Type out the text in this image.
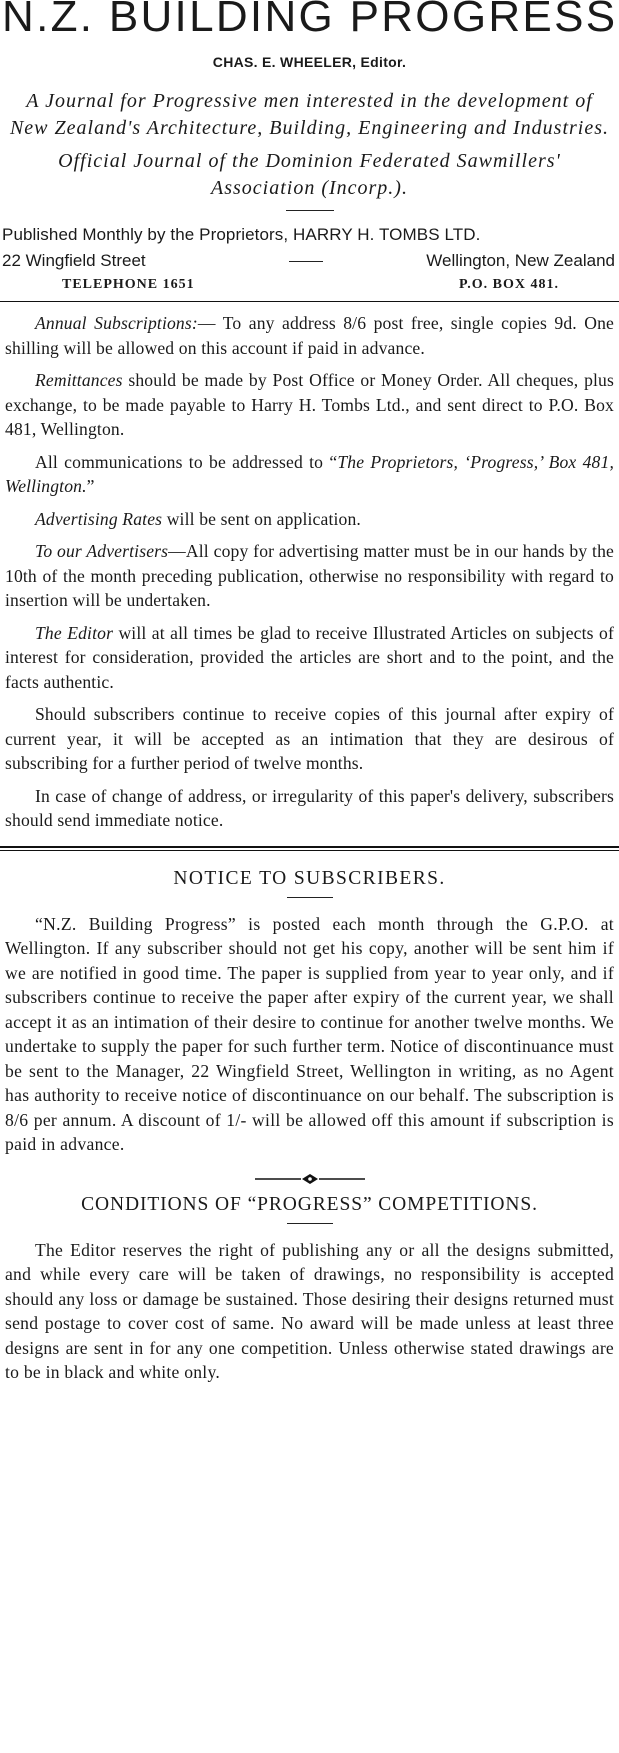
N.Z. BUILDING PROGRESS
CHAS. E. WHEELER, Editor.
A Journal for Progressive men interested in the development of New Zealand's Architecture, Building, Engineering and Industries.
Official Journal of the Dominion Federated Sawmillers' Association (Incorp.).
Published Monthly by the Proprietors, HARRY H. TOMBS LTD.
22 Wingfield Street	Wellington, New Zealand
TELEPHONE 1651	P.O. BOX 481.

Annual Subscriptions:— To any address 8/6 post free, single copies 9d. One shilling will be allowed on this account if paid in advance.

Remittances should be made by Post Office or Money Order. All cheques, plus exchange, to be made payable to Harry H. Tombs Ltd., and sent direct to P.O. Box 481, Wellington.

All communications to be addressed to “The Proprietors, ‘Progress,’ Box 481, Wellington.”

Advertising Rates will be sent on application.

To our Advertisers—All copy for advertising matter must be in our hands by the 10th of the month preceding publication, otherwise no responsibility with regard to insertion will be undertaken.

The Editor will at all times be glad to receive Illustrated Articles on subjects of interest for consideration, provided the articles are short and to the point, and the facts authentic.

Should subscribers continue to receive copies of this journal after expiry of current year, it will be accepted as an intimation that they are desirous of subscribing for a further period of twelve months.

In case of change of address, or irregularity of this paper's delivery, subscribers should send immediate notice.

NOTICE TO SUBSCRIBERS.

“N.Z. Building Progress” is posted each month through the G.P.O. at Wellington. If any subscriber should not get his copy, another will be sent him if we are notified in good time. The paper is supplied from year to year only, and if subscribers continue to receive the paper after expiry of the current year, we shall accept it as an intimation of their desire to continue for another twelve months. We undertake to supply the paper for such further term. Notice of discontinuance must be sent to the Manager, 22 Wingfield Street, Wellington in writing, as no Agent has authority to receive notice of discontinuance on our behalf. The subscription is 8/6 per annum. A discount of 1/- will be allowed off this amount if subscription is paid in advance.

CONDITIONS OF “PROGRESS” COMPETITIONS.

The Editor reserves the right of publishing any or all the designs submitted, and while every care will be taken of drawings, no responsibility is accepted should any loss or damage be sustained. Those desiring their designs returned must send postage to cover cost of same. No award will be made unless at least three designs are sent in for any one competition. Unless otherwise stated drawings are to be in black and white only.
